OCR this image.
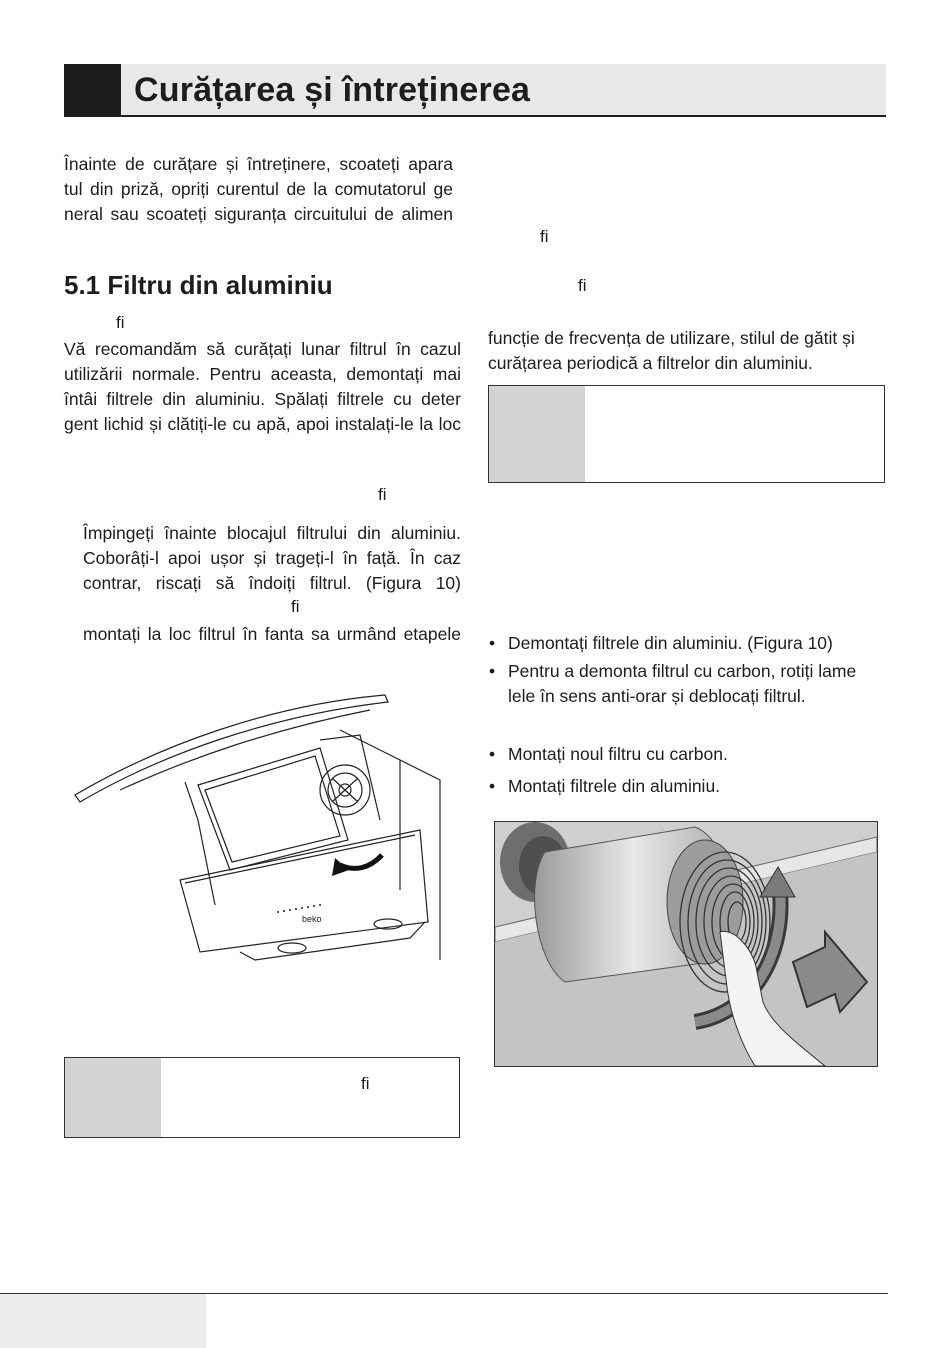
Curățarea și întreținerea
Înainte de curățare și întreținere, scoateți apara
tul din priză, opriți curentul de la comutatorul ge
neral sau scoateți siguranța circuitului de alimen
5.1 Filtru din aluminiu
ﬁ
Vă recomandăm să curățați lunar filtrul în cazul
utilizării normale. Pentru aceasta, demontați mai
întâi filtrele din aluminiu. Spălați filtrele cu deter
gent lichid și clătiți-le cu apă, apoi instalați-le la loc
ﬁ
Împingeți înainte blocajul filtrului din aluminiu.
Coborâți-l apoi ușor și trageți-l în față. În caz
contrar, riscați să îndoiți filtrul. (Figura 10)
ﬁ
montați la loc filtrul în fanta sa urmând etapele
beko
ﬁ
ﬁ
ﬁ
funcție de frecvența de utilizare, stilul de gătit și
curățarea periodică a filtrelor din aluminiu.
• Demontați filtrele din aluminiu. (Figura 10)
• Pentru a demonta filtrul cu carbon, rotiți lame
lele în sens anti-orar și deblocați filtrul.
• Montați noul filtru cu carbon.
• Montați filtrele din aluminiu.
